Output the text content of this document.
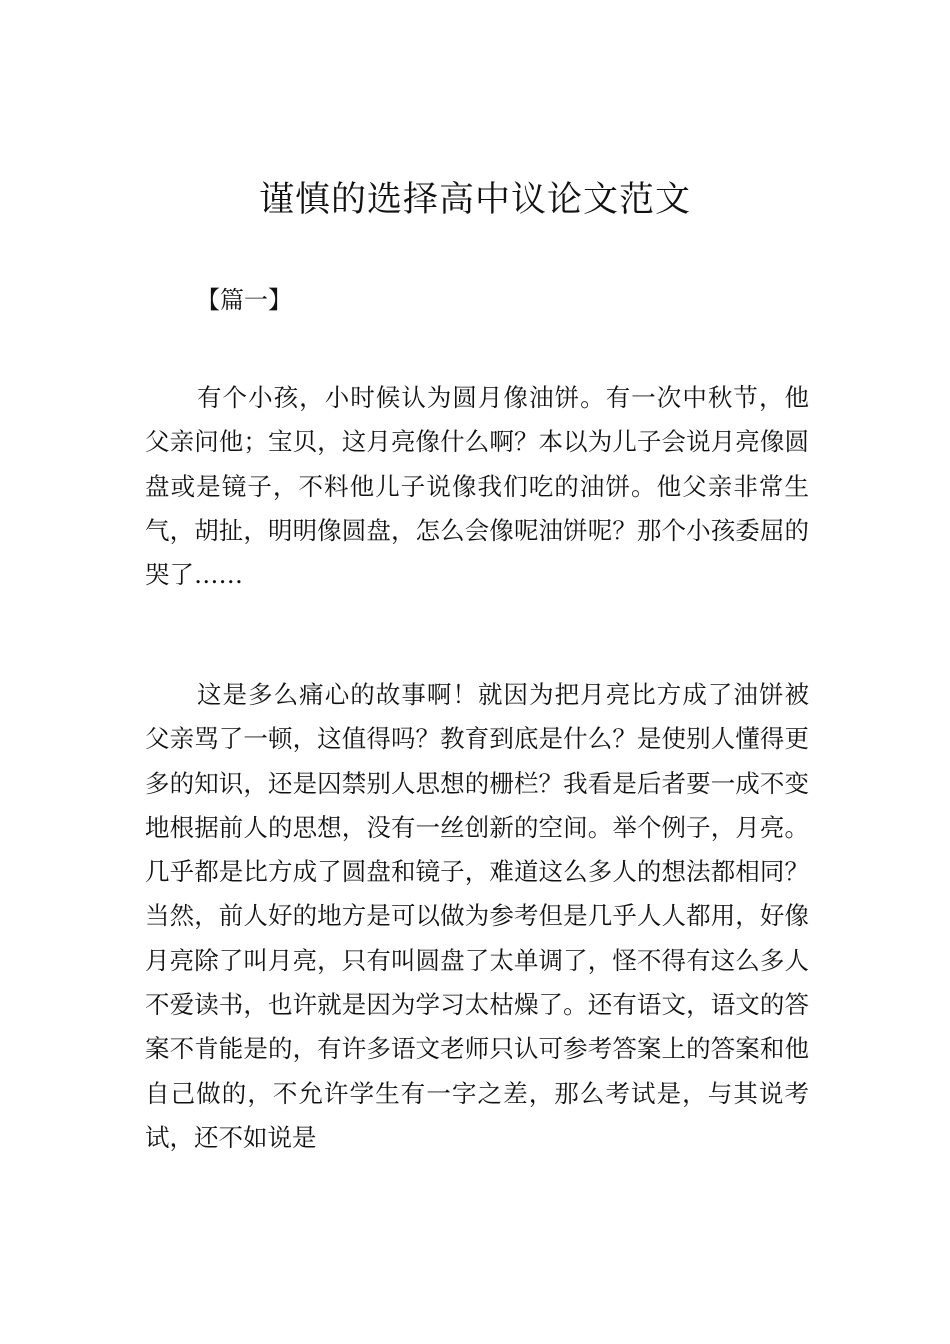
谨慎的选择高中议论文范文
【篇一】

有个小孩，小时候认为圆月像油饼。有一次中秋节，他父亲问他；宝贝，这月亮像什么啊？本以为儿子会说月亮像圆盘或是镜子，不料他儿子说像我们吃的油饼。他父亲非常生气，胡扯，明明像圆盘，怎么会像呢油饼呢？那个小孩委屈的哭了……

这是多么痛心的故事啊！就因为把月亮比方成了油饼被父亲骂了一顿，这值得吗？教育到底是什么？是使别人懂得更多的知识，还是囚禁别人思想的栅栏？我看是后者要一成不变地根据前人的思想，没有一丝创新的空间。举个例子，月亮。几乎都是比方成了圆盘和镜子，难道这么多人的想法都相同？当然，前人好的地方是可以做为参考但是几乎人人都用，好像月亮除了叫月亮，只有叫圆盘了太单调了，怪不得有这么多人不爱读书，也许就是因为学习太枯燥了。还有语文，语文的答案不肯能是的，有许多语文老师只认可参考答案上的答案和他自己做的，不允许学生有一字之差，那么考试是，与其说考试，还不如说是
